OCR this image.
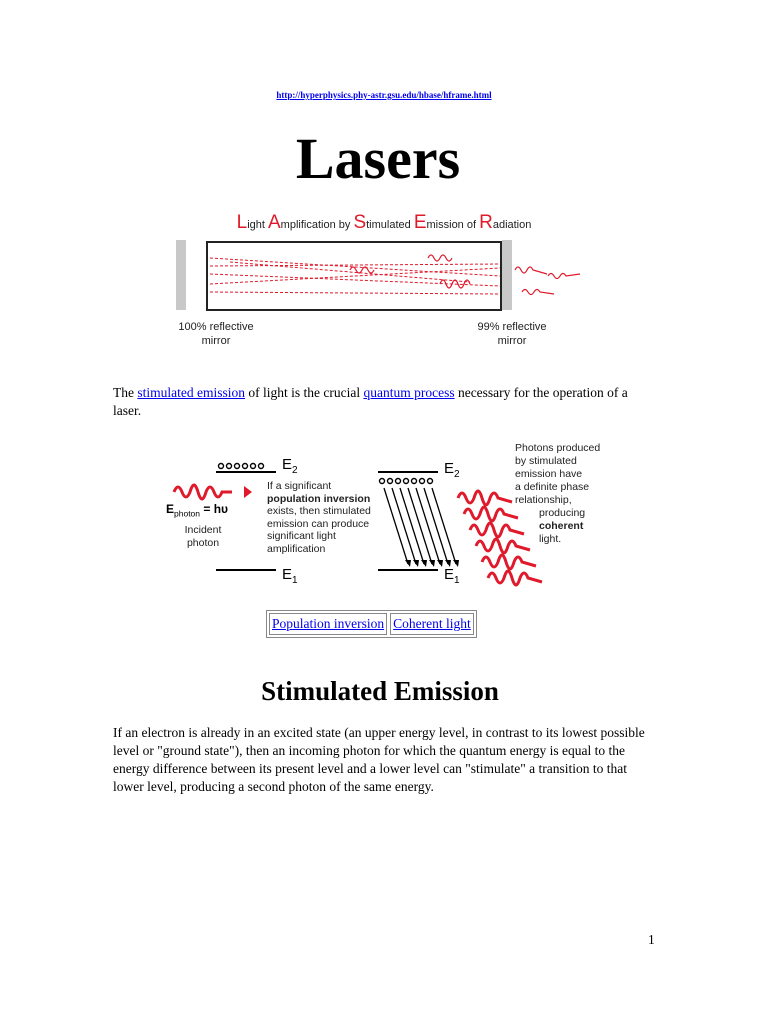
http://hyperphysics.phy-astr.gsu.edu/hbase/hframe.html
Lasers
Light Amplification by Stimulated Emission of Radiation
100% reflective
mirror
99% reflective
mirror
The stimulated emission of light is the crucial quantum process necessary for the operation of a laser.
$E_2$
$E_1$
$E_2$
$E_1$
If a significant
population inversion
exists, then stimulated
emission can produce
significant light
amplification
$E_{photon} = h\upsilon$
Incident
photon
Photons produced
by stimulated
emission have
a definite phase
relationship,
producing
coherent
light.
Population inversion Coherent light
Stimulated Emission
If an electron is already in an excited state (an upper energy level, in contrast to its lowest possible level or "ground state"), then an incoming photon for which the quantum energy is equal to the energy difference between its present level and a lower level can "stimulate" a transition to that lower level, producing a second photon of the same energy.
1
